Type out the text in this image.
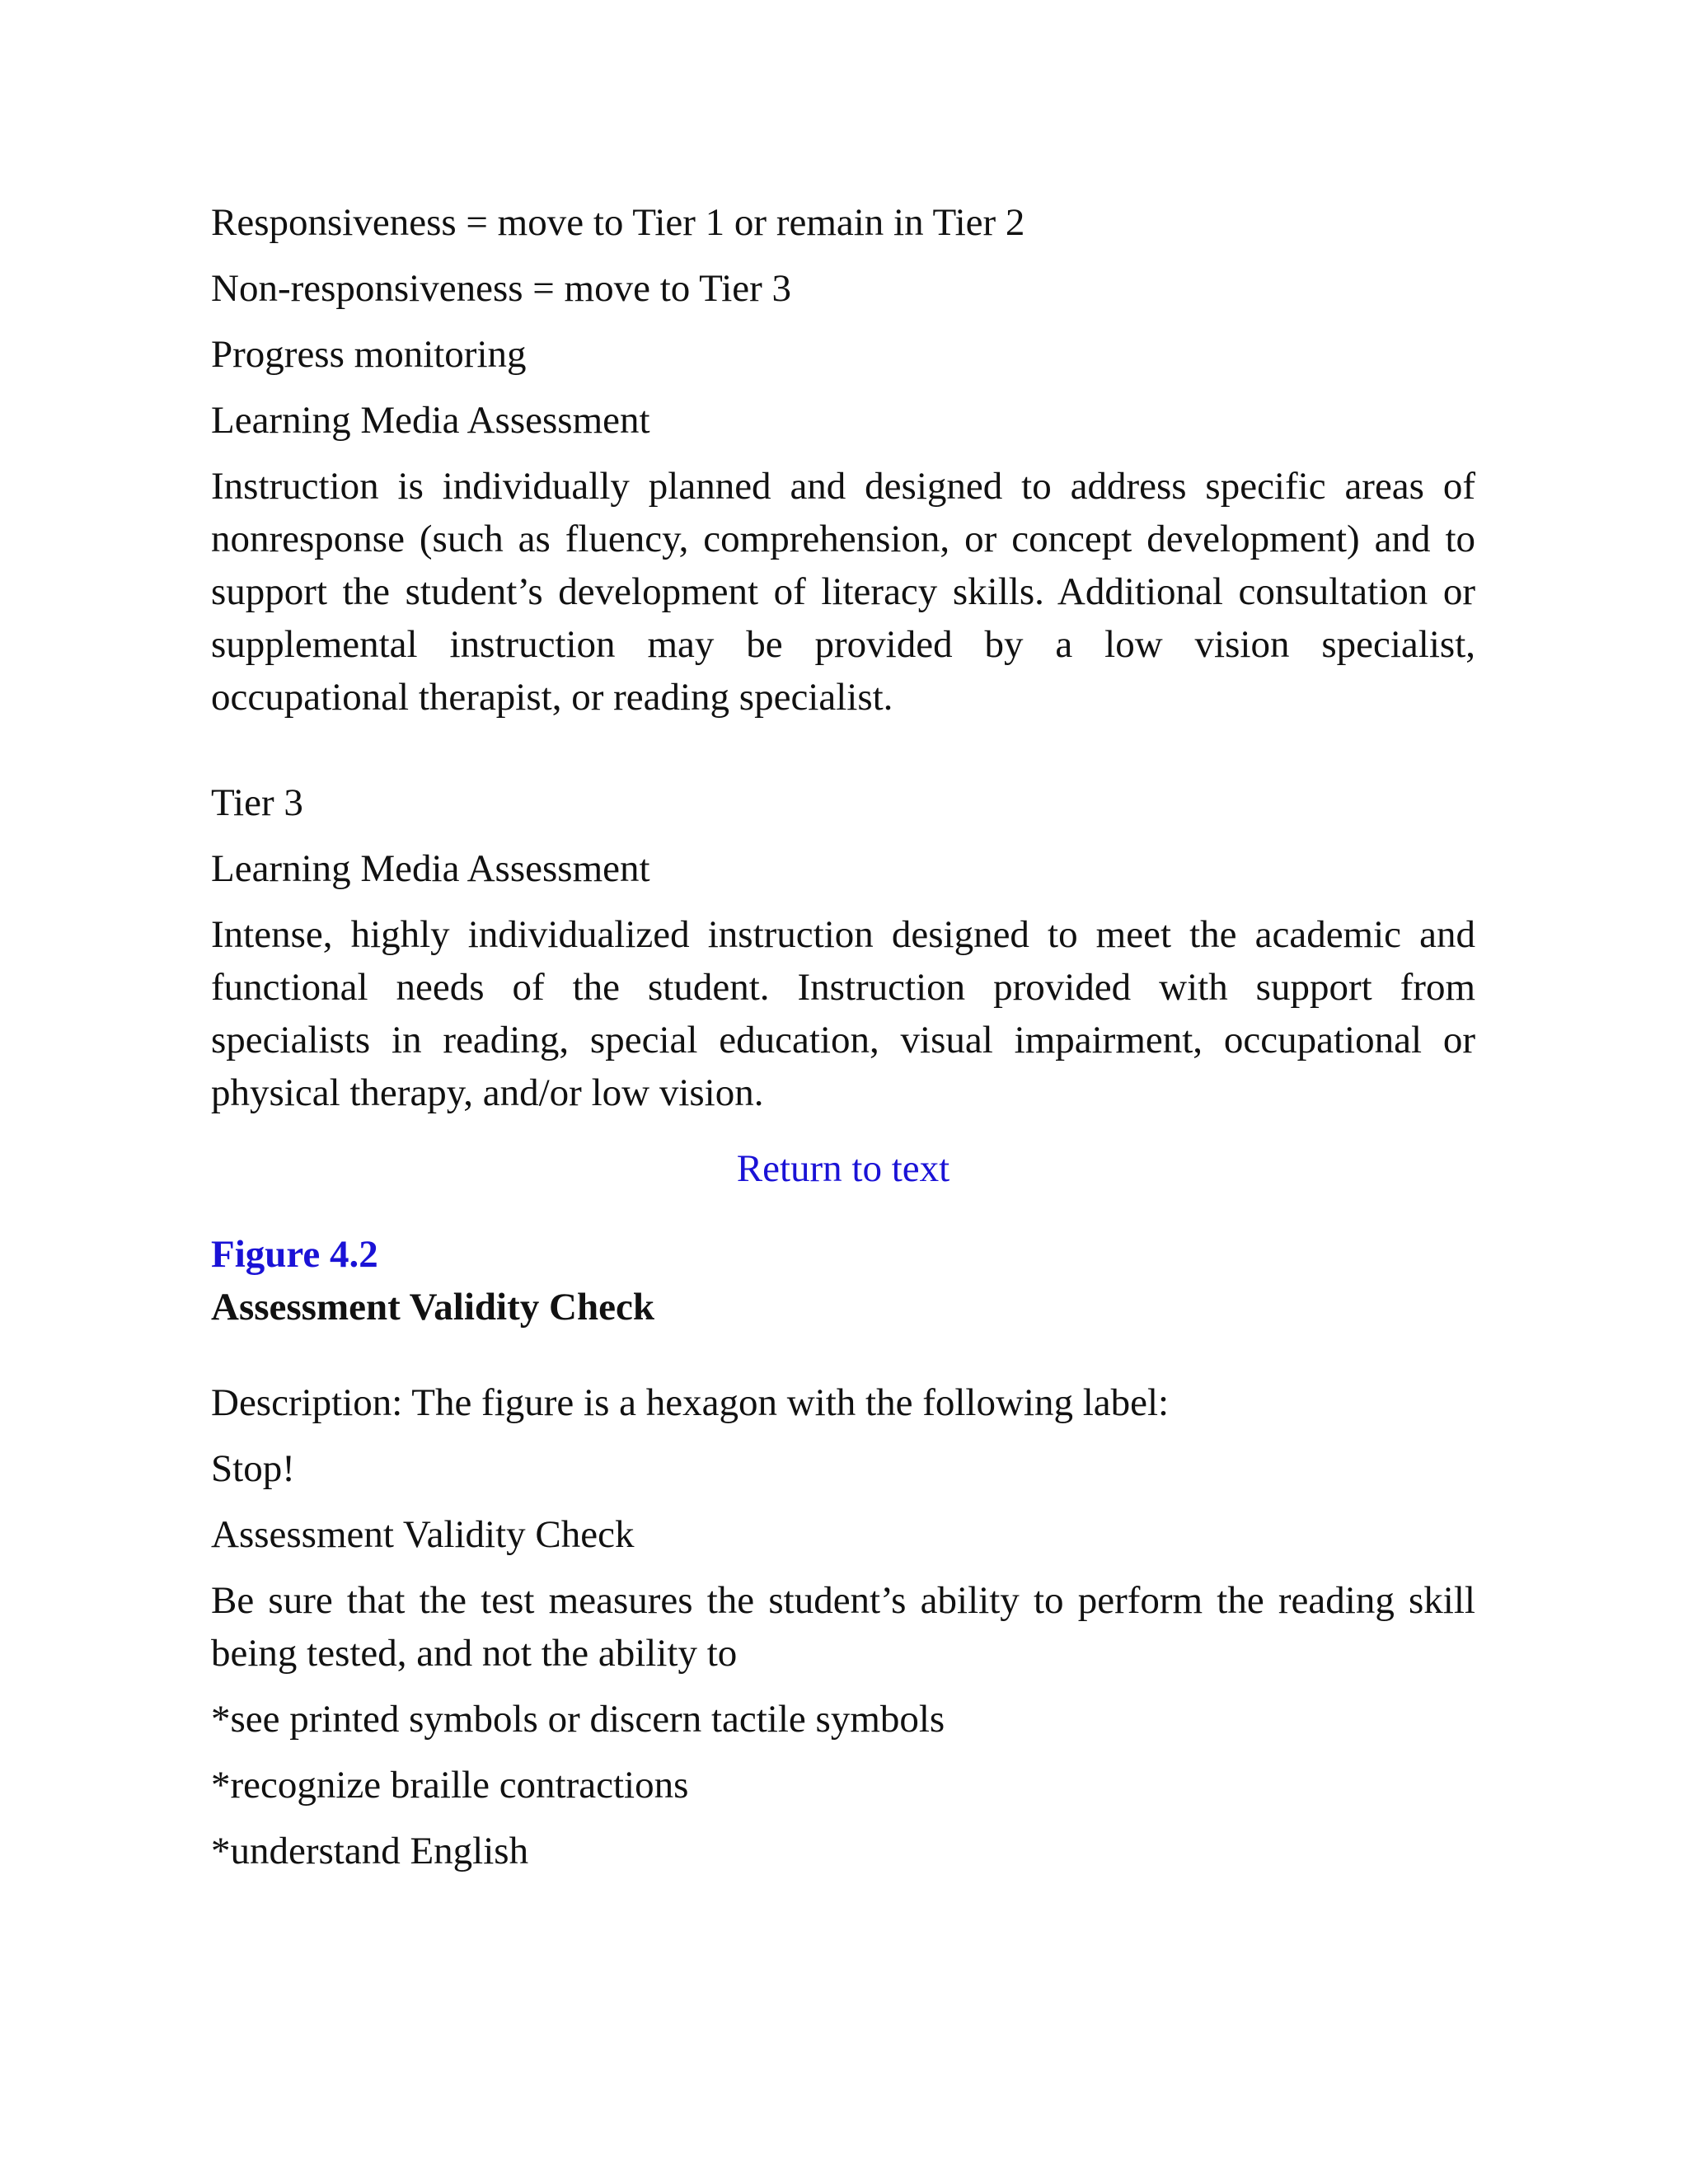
Responsiveness = move to Tier 1 or remain in Tier 2

Non-responsiveness = move to Tier 3

Progress monitoring

Learning Media Assessment

Instruction is individually planned and designed to address specific areas of nonresponse (such as fluency, comprehension, or concept development) and to support the student’s development of literacy skills. Additional consultation or supplemental instruction may be provided by a low vision specialist, occupational therapist, or reading specialist.

Tier 3

Learning Media Assessment

Intense, highly individualized instruction designed to meet the academic and functional needs of the student. Instruction provided with support from specialists in reading, special education, visual impairment, occupational or physical therapy, and/or low vision.

Return to text

Figure 4.2

Assessment Validity Check

Description: The figure is a hexagon with the following label:

Stop!

Assessment Validity Check

Be sure that the test measures the student’s ability to perform the reading skill being tested, and not the ability to

*see printed symbols or discern tactile symbols

*recognize braille contractions

*understand English
